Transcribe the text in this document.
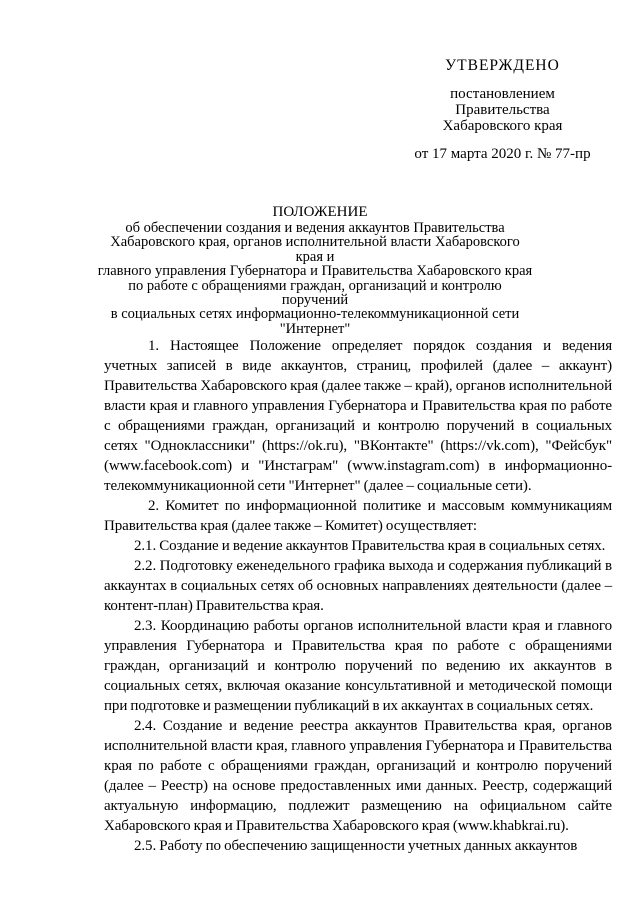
УТВЕРЖДЕНО
постановлением
Правительства
Хабаровского края
от 17 марта 2020 г. № 77-пр
ПОЛОЖЕНИЕ
об обеспечении создания и ведения аккаунтов Правительства
Хабаровского края, органов исполнительной власти Хабаровского края и
главного управления Губернатора и Правительства Хабаровского края
по работе с обращениями граждан, организаций и контролю поручений
в социальных сетях информационно-телекоммуникационной сети
"Интернет"

1. Настоящее Положение определяет порядок создания и ведения учетных записей в виде аккаунтов, страниц, профилей (далее – аккаунт) Правительства Хабаровского края (далее также – край), органов исполнительной власти края и главного управления Губернатора и Правительства края по работе с обращениями граждан, организаций и контролю поручений в социальных сетях "Одноклассники" (https://ok.ru), "ВКонтакте" (https://vk.com), "Фейсбук" (www.facebook.com) и "Инстаграм" (www.instagram.com) в информационно-телекоммуникационной сети "Интернет" (далее – социальные сети).

2. Комитет по информационной политике и массовым коммуникациям Правительства края (далее также – Комитет) осуществляет:

2.1. Создание и ведение аккаунтов Правительства края в социальных сетях.

2.2. Подготовку еженедельного графика выхода и содержания публикаций в аккаунтах в социальных сетях об основных направлениях деятельности (далее – контент-план) Правительства края.

2.3. Координацию работы органов исполнительной власти края и главного управления Губернатора и Правительства края по работе с обращениями граждан, организаций и контролю поручений по ведению их аккаунтов в социальных сетях, включая оказание консультативной и методической помощи при подготовке и размещении публикаций в их аккаунтах в социальных сетях.

2.4. Создание и ведение реестра аккаунтов Правительства края, органов исполнительной власти края, главного управления Губернатора и Правительства края по работе с обращениями граждан, организаций и контролю поручений (далее – Реестр) на основе предоставленных ими данных. Реестр, содержащий актуальную информацию, подлежит размещению на официальном сайте Хабаровского края и Правительства Хабаровского края (www.khabkrai.ru).

2.5. Работу по обеспечению защищенности учетных данных аккаунтов
